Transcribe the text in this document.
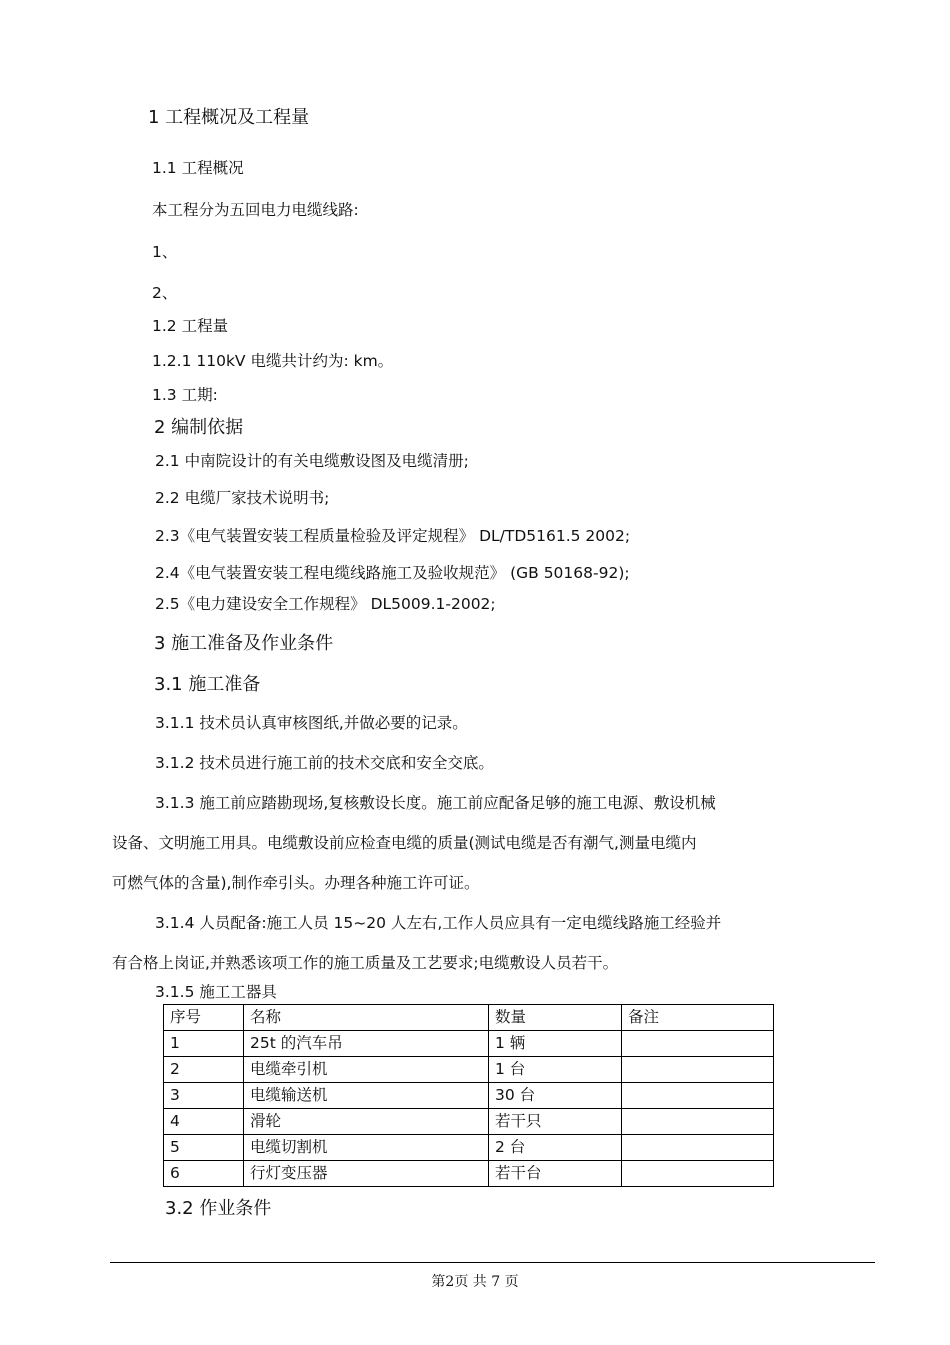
1 工程概况及工程量
1.1 工程概况
本工程分为五回电力电缆线路:
1、
2、
1.2 工程量
1.2.1 110kV 电缆共计约为: km。
1.3 工期:
2 编制依据
2.1 中南院设计的有关电缆敷设图及电缆清册;
2.2 电缆厂家技术说明书;
2.3《电气装置安装工程质量检验及评定规程》 DL/TD5161.5 2002;
2.4《电气装置安装工程电缆线路施工及验收规范》 (GB 50168-92);
2.5《电力建设安全工作规程》 DL5009.1-2002;
3 施工准备及作业条件
3.1 施工准备
3.1.1 技术员认真审核图纸,并做必要的记录。
3.1.2 技术员进行施工前的技术交底和安全交底。
3.1.3 施工前应踏勘现场,复核敷设长度。施工前应配备足够的施工电源、敷设机械
设备、文明施工用具。电缆敷设前应检查电缆的质量(测试电缆是否有潮气,测量电缆内
可燃气体的含量),制作牵引头。办理各种施工许可证。
3.1.4 人员配备:施工人员 15~20 人左右,工作人员应具有一定电缆线路施工经验并
有合格上岗证,并熟悉该项工作的施工质量及工艺要求;电缆敷设人员若干。
3.1.5 施工工器具
序号	名称	数量	备注
1	25t 的汽车吊	1 辆	
2	电缆牵引机	1 台	
3	电缆输送机	30 台	
4	滑轮	若干只	
5	电缆切割机	2 台	
6	行灯变压器	若干台	
3.2 作业条件
第2页 共 7 页
